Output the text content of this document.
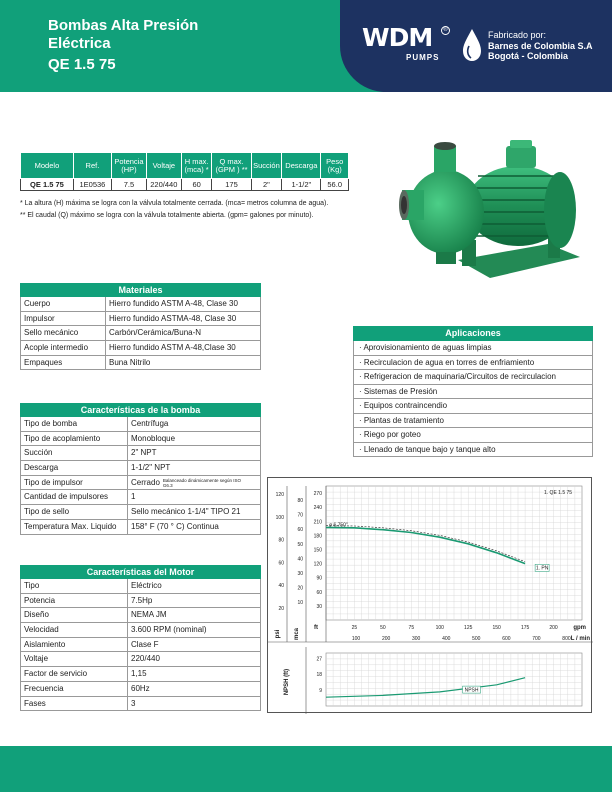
Bombas Alta Presión
Eléctrica
QE 1.5 75
WDM	®
PUMPS
Fabricado por:
Barnes de Colombia S.A
Bogotá - Colombia
Modelo	Ref.	Potencia (HP)	Voltaje	H max. (mca) *	Q max. (GPM ) **	Succión	Descarga	Peso (Kg)
QE 1.5 75	1E0536	7.5	220/440	60	175	2"	1-1/2"	56.0
* La altura (H) máxima se logra con la válvula totalmente cerrada. (mca= metros columna de agua).
** El caudal (Q) máximo se logra con la válvula totalmente abierta. (gpm= galones por minuto).
Materiales
Cuerpo	Hierro fundido ASTM A-48, Clase 30
Impulsor	Hierro fundido ASTMA-48, Clase 30
Sello mecánico	Carbón/Cerámica/Buna-N
Acople intermedio	Hierro fundido ASTM A-48,Clase 30
Empaques	Buna Nitrilo
Aplicaciones
· Aprovisionamiento de aguas limpias
· Recirculacion de agua en torres de enfriamiento
· Refrigeracion de maquinaria/Circuitos de recirculacion
· Sistemas de Presión
· Equipos contraincendio
· Plantas de tratamiento
· Riego por goteo
· Llenado de tanque bajo y tanque alto
Características de la bomba
Tipo de bomba	Centrífuga
Tipo de acoplamiento	Monobloque
Succión	2" NPT
Descarga	1-1/2" NPT
Tipo de impulsor	Cerrado Balanceado dinámicamente según ISO G6.3
Cantidad de impulsores	1
Tipo de sello	Sello mecánico 1-1/4" TIPO 21
Temperatura Max. Liquido	158° F (70 ° C) Continua
Características del Motor
Tipo	Eléctrico
Potencia	7.5Hp
Diseño	NEMA JM
Velocidad	3.600 RPM (nominal)
Aislamiento	Clase F
Voltaje	220/440
Factor de servicio	1,15
Frecuencia	60Hz
Fases	3
120
100
80
60
40
20
80
70
60
50
40
30
20
10
270
240
210
180
150
120
90
60
30
psi mca ft	25	50	75	100	125	150	175	200	gpm
100	200	300	400	500	600	700	800 L / min
1. QE 1.5 75
ø 6.750"
1. PN
27
18
9
NPSH (ft)	NPSH
